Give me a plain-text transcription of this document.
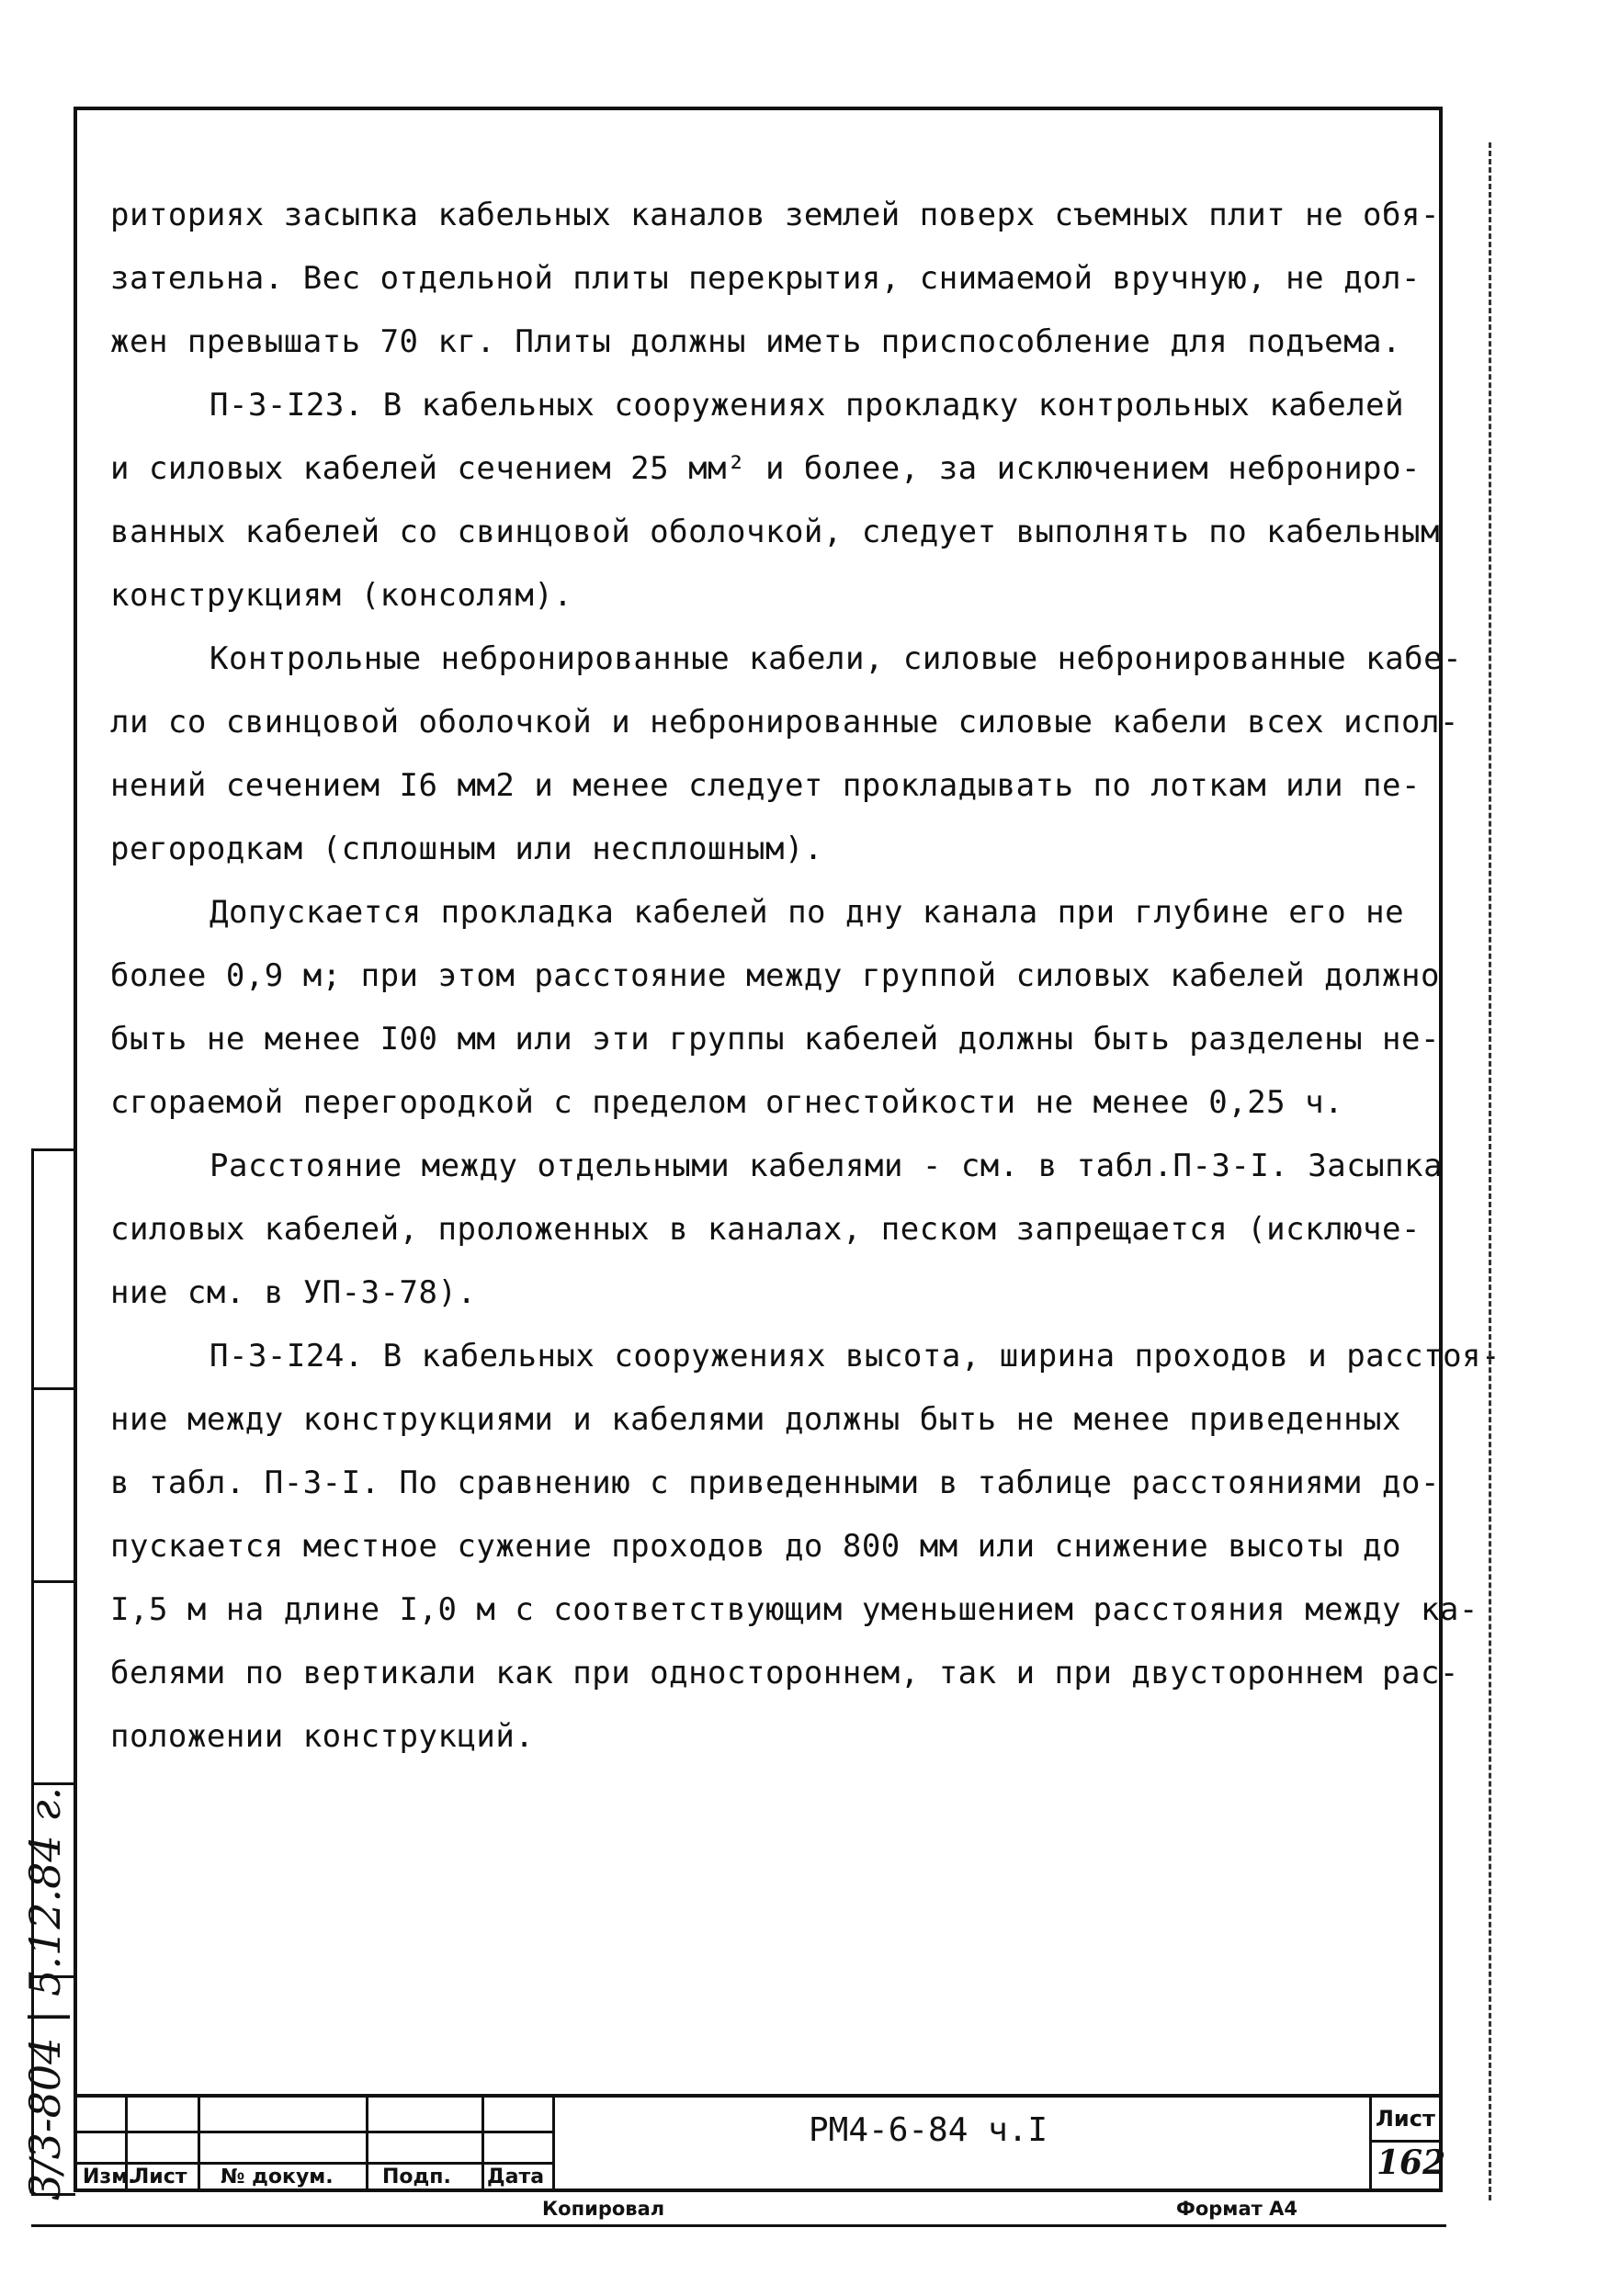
риториях засыпка кабельных каналов землей поверх съемных плит не обя-
зательна. Вес отдельной плиты перекрытия, снимаемой вручную, не дол-
жен превышать 70 кг. Плиты должны иметь приспособление для подъема.
П-3-I23. В кабельных сооружениях прокладку контрольных кабелей
и силовых кабелей сечением 25 мм² и более, за исключением неброниро-
ванных кабелей со свинцовой оболочкой, следует выполнять по кабельным
конструкциям (консолям).
Контрольные небронированные кабели, силовые небронированные кабе-
ли со свинцовой оболочкой и небронированные силовые кабели всех испол-
нений сечением I6 мм2 и менее следует прокладывать по лоткам или пе-
регородкам (сплошным или несплошным).
Допускается прокладка кабелей по дну канала при глубине его не
более 0,9 м; при этом расстояние между группой силовых кабелей должно
быть не менее I00 мм или эти группы кабелей должны быть разделены не-
сгораемой перегородкой с пределом огнестойкости не менее 0,25 ч.
Расстояние между отдельными кабелями - см. в табл.П-3-I. Засыпка
силовых кабелей, проложенных в каналах, песком запрещается (исключе-
ние см. в УП-3-78).
П-3-I24. В кабельных сооружениях высота, ширина проходов и расстоя-
ние между конструкциями и кабелями должны быть не менее приведенных
в табл. П-3-I. По сравнению с приведенными в таблице расстояниями до-
пускается местное сужение проходов до 800 мм или снижение высоты до
I,5 м на длине I,0 м с соответствующим уменьшением расстояния между ка-
белями по вертикали как при одностороннем, так и при двустороннем рас-
положении конструкций.
Изм.
Лист № докум. Подп. Дата
РМ4-6-84 ч.I	Лист
162
Копировал	Формат А4
3/3-804 | 5.12.84 г.
